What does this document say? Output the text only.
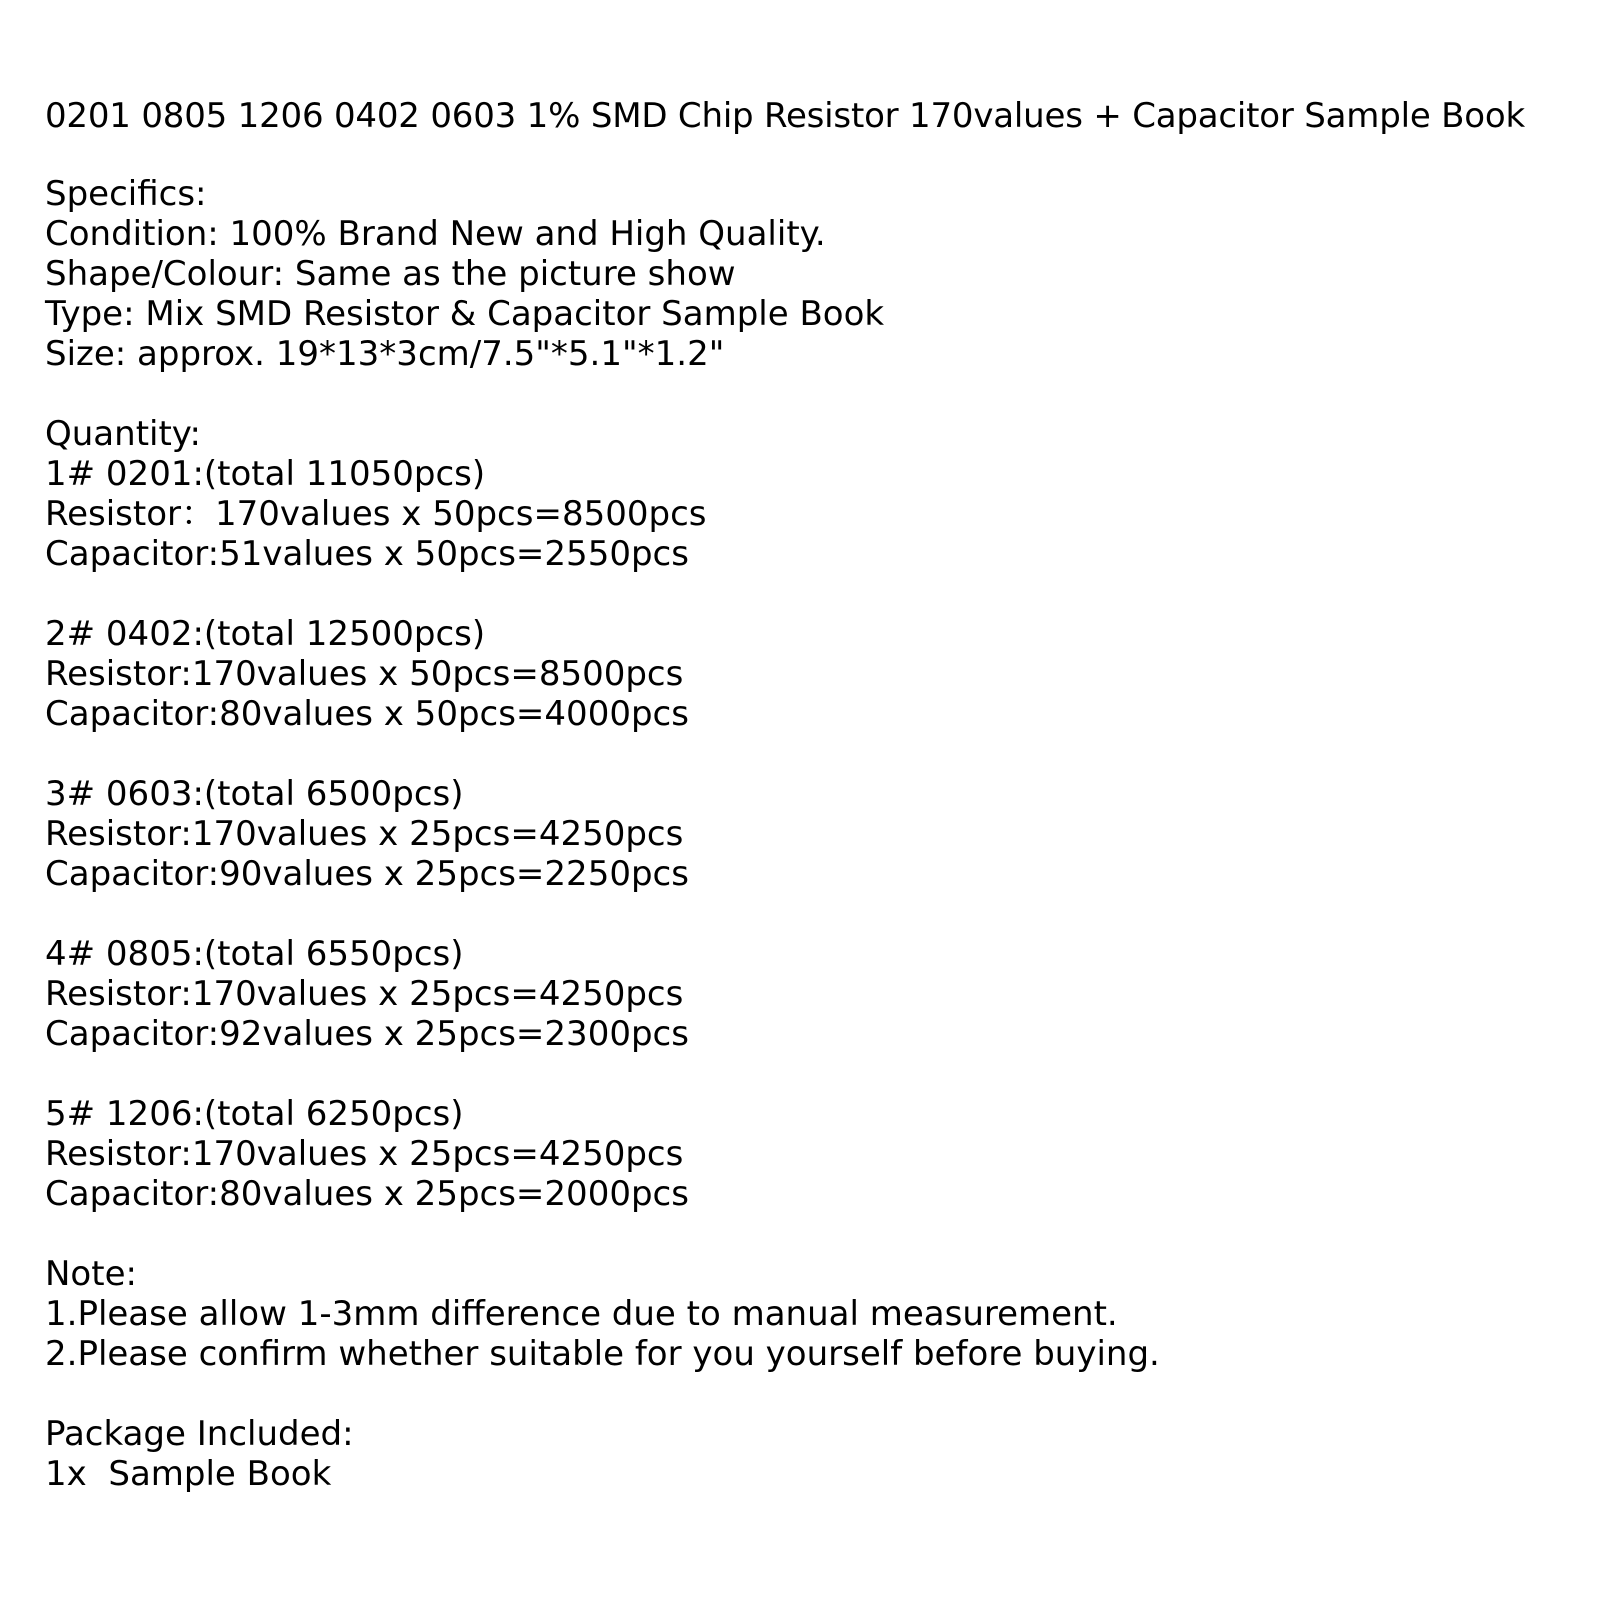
0201 0805 1206 0402 0603 1% SMD Chip Resistor 170values + Capacitor Sample Book
Specifics:
Condition: 100% Brand New and High Quality.
Shape/Colour: Same as the picture show
Type: Mix SMD Resistor & Capacitor Sample Book
Size: approx. 19*13*3cm/7.5"*5.1"*1.2"
Quantity:
1# 0201:(total 11050pcs)
Resistor：170values x 50pcs=8500pcs
Capacitor:51values x 50pcs=2550pcs
2# 0402:(total 12500pcs)
Resistor:170values x 50pcs=8500pcs
Capacitor:80values x 50pcs=4000pcs
3# 0603:(total 6500pcs)
Resistor:170values x 25pcs=4250pcs
Capacitor:90values x 25pcs=2250pcs
4# 0805:(total 6550pcs)
Resistor:170values x 25pcs=4250pcs
Capacitor:92values x 25pcs=2300pcs
5# 1206:(total 6250pcs)
Resistor:170values x 25pcs=4250pcs
Capacitor:80values x 25pcs=2000pcs
Note:
1.Please allow 1-3mm difference due to manual measurement.
2.Please confirm whether suitable for you yourself before buying.
Package Included:
1x  Sample Book
